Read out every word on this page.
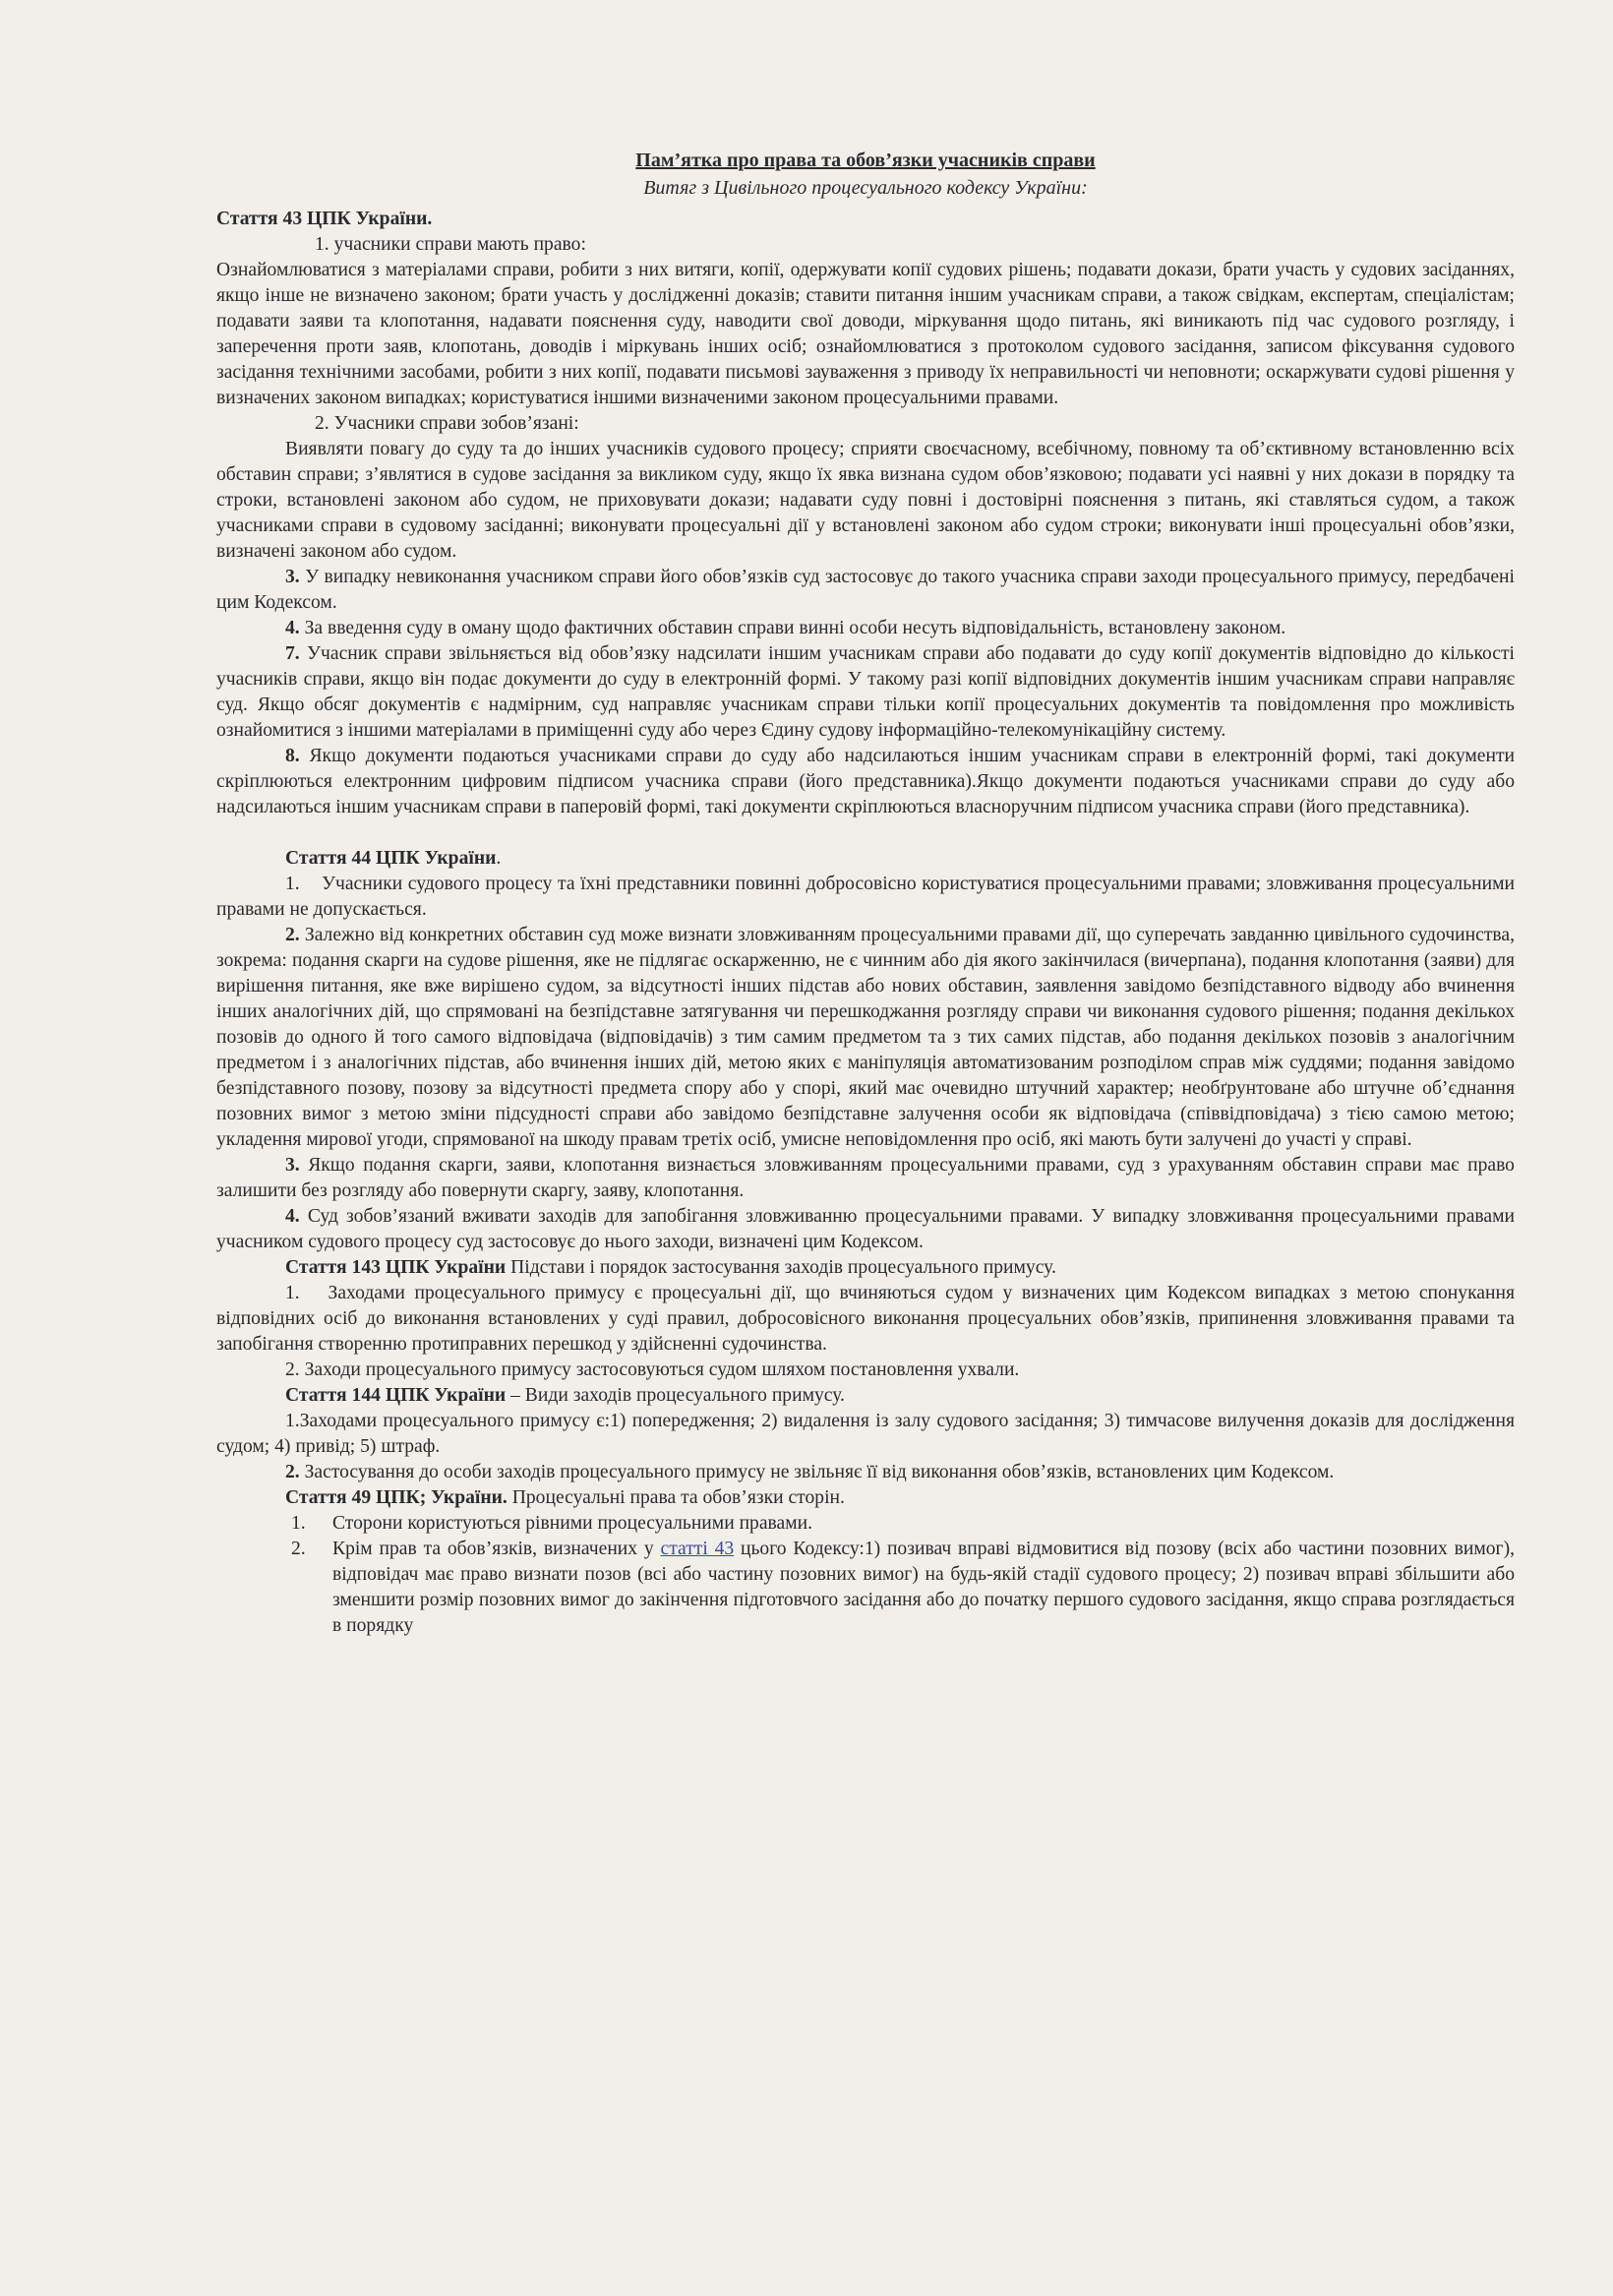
Пам’ятка про права та обов’язки учасників справи

Витяг з Цивільного процесуального кодексу України:

Стаття 43 ЦПК України.

1. учасники справи мають право:

Ознайомлюватися з матеріалами справи, робити з них витяги, копії, одержувати копії судових рішень; подавати докази, брати участь у судових засіданнях, якщо інше не визначено законом; брати участь у дослідженні доказів; ставити питання іншим учасникам справи, а також свідкам, експертам, спеціалістам; подавати заяви та клопотання, надавати пояснення суду, наводити свої доводи, міркування щодо питань, які виникають під час судового розгляду, і заперечення проти заяв, клопотань, доводів і міркувань інших осіб; ознайомлюватися з протоколом судового засідання, записом фіксування судового засідання технічними засобами, робити з них копії, подавати письмові зауваження з приводу їх неправильності чи неповноти; оскаржувати судові рішення у визначених законом випадках; користуватися іншими визначеними законом процесуальними правами.

2. Учасники справи зобов’язані:

Виявляти повагу до суду та до інших учасників судового процесу; сприяти своєчасному, всебічному, повному та об’єктивному встановленню всіх обставин справи; з’являтися в судове засідання за викликом суду, якщо їх явка визнана судом обов’язковою; подавати усі наявні у них докази в порядку та строки, встановлені законом або судом, не приховувати докази; надавати суду повні і достовірні пояснення з питань, які ставляться судом, а також учасниками справи в судовому засіданні; виконувати процесуальні дії у встановлені законом або судом строки; виконувати інші процесуальні обов’язки, визначені законом або судом.

3. У випадку невиконання учасником справи його обов’язків суд застосовує до такого учасника справи заходи процесуального примусу, передбачені цим Кодексом.

4. За введення суду в оману щодо фактичних обставин справи винні особи несуть відповідальність, встановлену законом.

7. Учасник справи звільняється від обов’язку надсилати іншим учасникам справи або подавати до суду копії документів відповідно до кількості учасників справи, якщо він подає документи до суду в електронній формі. У такому разі копії відповідних документів іншим учасникам справи направляє суд. Якщо обсяг документів є надмірним, суд направляє учасникам справи тільки копії процесуальних документів та повідомлення про можливість ознайомитися з іншими матеріалами в приміщенні суду або через Єдину судову інформаційно-телекомунікаційну систему.

8. Якщо документи подаються учасниками справи до суду або надсилаються іншим учасникам справи в електронній формі, такі документи скріплюються електронним цифровим підписом учасника справи (його представника).Якщо документи подаються учасниками справи до суду або надсилаються іншим учасникам справи в паперовій формі, такі документи скріплюються власноручним підписом учасника справи (його представника).

Стаття 44 ЦПК України.

1. Учасники судового процесу та їхні представники повинні добросовісно користуватися процесуальними правами; зловживання процесуальними правами не допускається.

2. Залежно від конкретних обставин суд може визнати зловживанням процесуальними правами дії, що суперечать завданню цивільного судочинства, зокрема: подання скарги на судове рішення, яке не підлягає оскарженню, не є чинним або дія якого закінчилася (вичерпана), подання клопотання (заяви) для вирішення питання, яке вже вирішено судом, за відсутності інших підстав або нових обставин, заявлення завідомо безпідставного відводу або вчинення інших аналогічних дій, що спрямовані на безпідставне затягування чи перешкоджання розгляду справи чи виконання судового рішення; подання декількох позовів до одного й того самого відповідача (відповідачів) з тим самим предметом та з тих самих підстав, або подання декількох позовів з аналогічним предметом і з аналогічних підстав, або вчинення інших дій, метою яких є маніпуляція автоматизованим розподілом справ між суддями; подання завідомо безпідставного позову, позову за відсутності предмета спору або у спорі, який має очевидно штучний характер; необґрунтоване або штучне об’єднання позовних вимог з метою зміни підсудності справи або завідомо безпідставне залучення особи як відповідача (співвідповідача) з тією самою метою; укладення мирової угоди, спрямованої на шкоду правам третіх осіб, умисне неповідомлення про осіб, які мають бути залучені до участі у справі.

3. Якщо подання скарги, заяви, клопотання визнається зловживанням процесуальними правами, суд з урахуванням обставин справи має право залишити без розгляду або повернути скаргу, заяву, клопотання.

4. Суд зобов’язаний вживати заходів для запобігання зловживанню процесуальними правами. У випадку зловживання процесуальними правами учасником судового процесу суд застосовує до нього заходи, визначені цим Кодексом.

Стаття 143 ЦПК України Підстави і порядок застосування заходів процесуального примусу.

1. Заходами процесуального примусу є процесуальні дії, що вчиняються судом у визначених цим Кодексом випадках з метою спонукання відповідних осіб до виконання встановлених у суді правил, добросовісного виконання процесуальних обов’язків, припинення зловживання правами та запобігання створенню протиправних перешкод у здійсненні судочинства.

2. Заходи процесуального примусу застосовуються судом шляхом постановлення ухвали.

Стаття 144 ЦПК України – Види заходів процесуального примусу.

1.Заходами процесуального примусу є:1) попередження; 2) видалення із залу судового засідання; 3) тимчасове вилучення доказів для дослідження судом; 4) привід; 5) штраф.

2. Застосування до особи заходів процесуального примусу не звільняє її від виконання обов’язків, встановлених цим Кодексом.

Стаття 49 ЦПК; України. Процесуальні права та обов’язки сторін.

1.	Сторони користуються рівними процесуальними правами.
2.	Крім прав та обов’язків, визначених у статті 43 цього Кодексу:1) позивач вправі відмовитися від позову (всіх або частини позовних вимог), відповідач має право визнати позов (всі або частину позовних вимог) на будь-якій стадії судового процесу; 2) позивач вправі збільшити або зменшити розмір позовних вимог до закінчення підготовчого засідання або до початку першого судового засідання, якщо справа розглядається в порядку
